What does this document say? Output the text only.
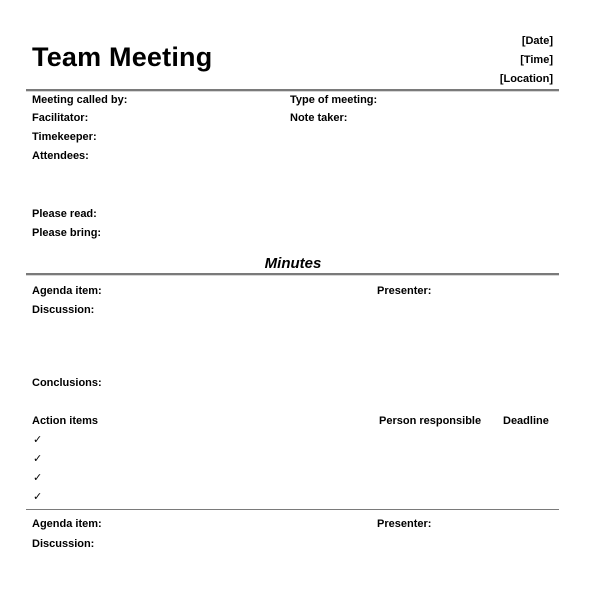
Team Meeting
[Date]
[Time]
[Location]
Meeting called by:	Type of meeting:
Facilitator:	Note taker:
Timekeeper:
Attendees:
Please read:
Please bring:
Minutes
Agenda item:	Presenter:
Discussion:
Conclusions:
Action items	Person responsible Deadline
✓
✓
✓
✓
Agenda item:	Presenter:
Discussion:
